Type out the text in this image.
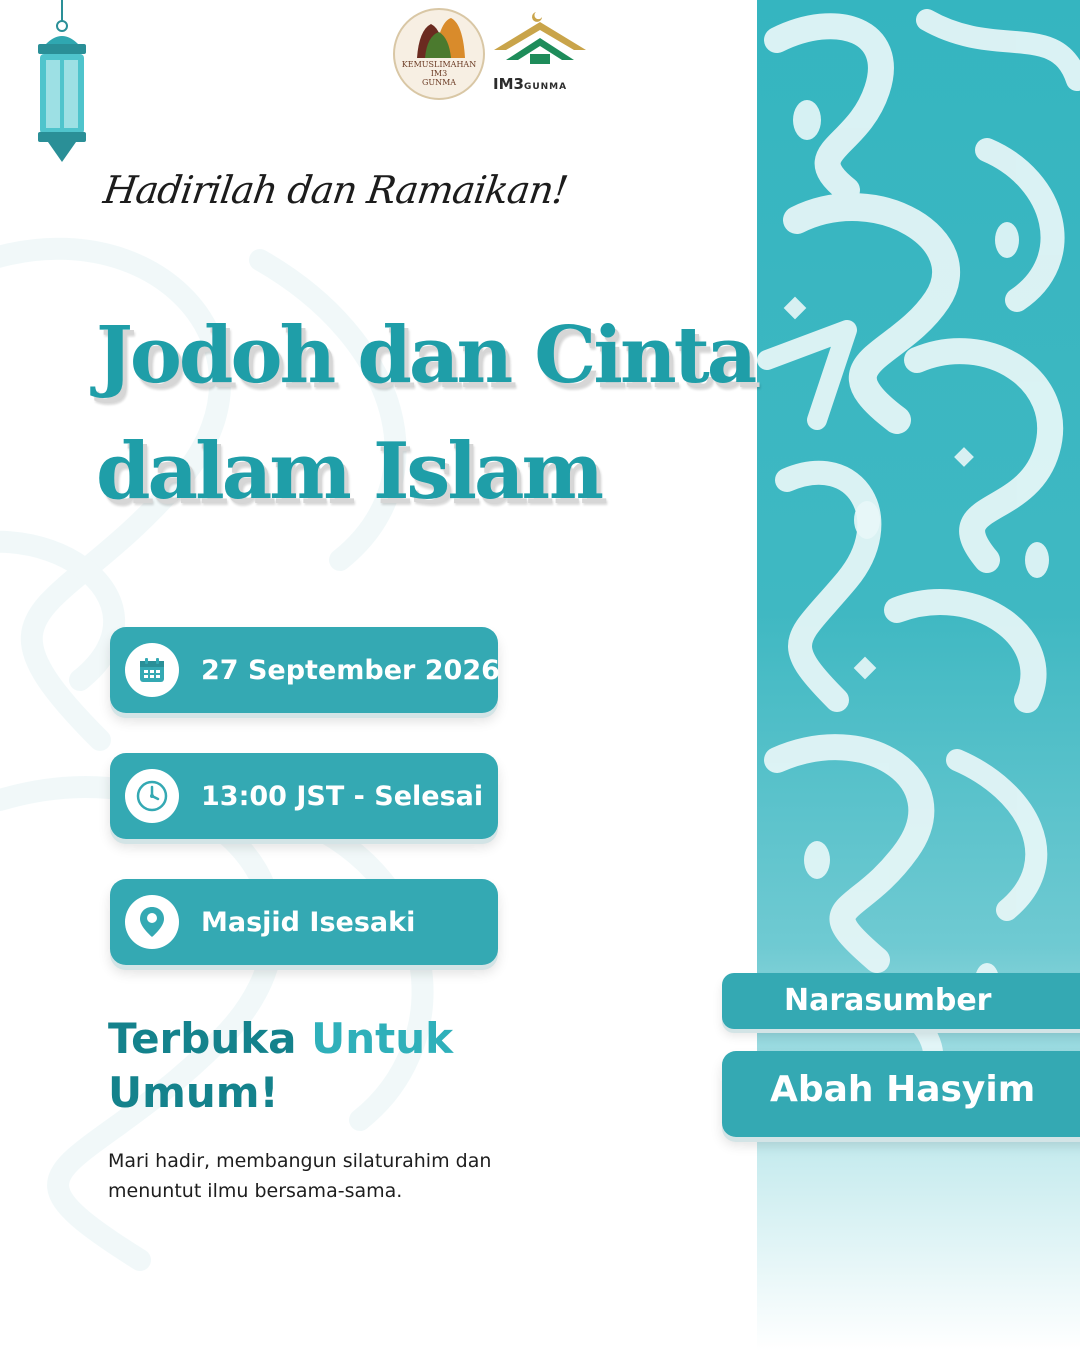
KEMUSLIMAHAN
IM3
GUNMA	IM3GUNMA
Hadirilah dan Ramaikan!
Jodoh dan Cinta
dalam Islam
27 September 2026
13:00 JST - Selesai
Masjid Isesaki
Terbuka Untuk
Umum!
Mari hadir, membangun silaturahim dan menuntut ilmu bersama-sama.
Narasumber
Abah Hasyim
